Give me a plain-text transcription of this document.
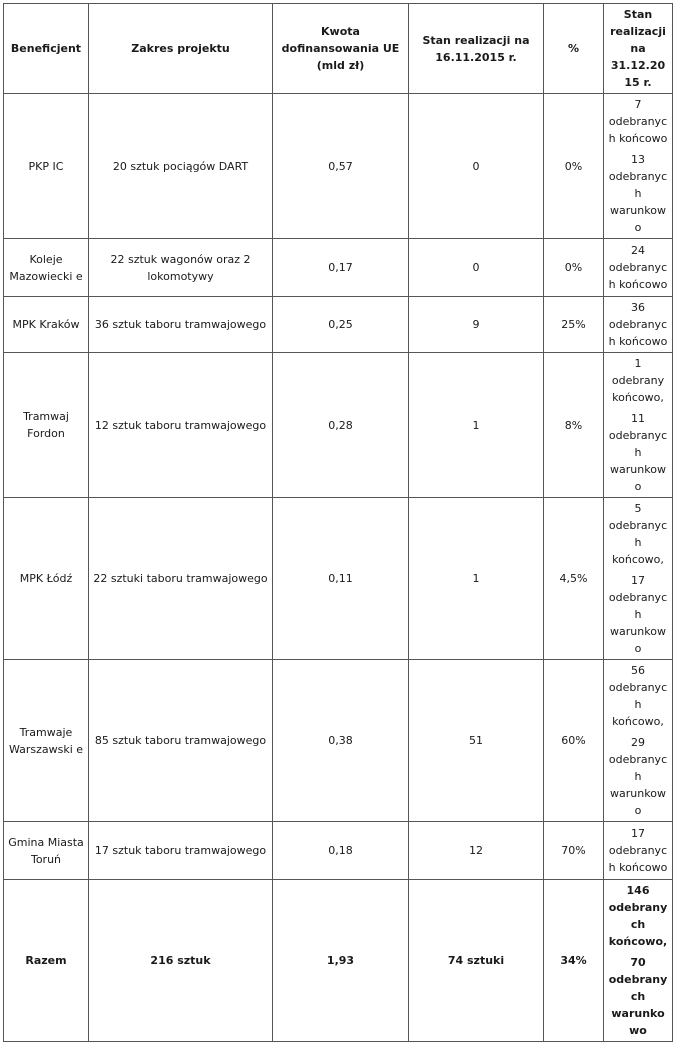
Beneficjent	Zakres projektu	Kwota dofinansowania UE (mld zł)	Stan realizacji na 16.11.2015 r.	%	Stan realizacji na 31.12.2015 r.
PKP IC	20 sztuk pociągów DART	0,57	0	0%	7 odebranych końcowo
13 odebranych warunkowo

Koleje Mazowiecki e	22 sztuk wagonów oraz 2 lokomotywy	0,17	0	0%	24 odebranych końcowo

MPK Kraków	36 sztuk taboru tramwajowego	0,25	9	25%	36 odebranych końcowo

Tramwaj Fordon	12 sztuk taboru tramwajowego	0,28	1	8%	1 odebrany końcowo,
11 odebranych warunkowo

MPK Łódź	22 sztuki taboru tramwajowego	0,11	1	4,5%	5 odebranych końcowo,
17 odebranych warunkowo

Tramwaje Warszawski e	85 sztuk taboru tramwajowego	0,38	51	60%	56 odebranych końcowo,
29 odebranych warunkowo

Gmina Miasta Toruń	17 sztuk taboru tramwajowego	0,18	12	70%	17 odebranych końcowo

Razem	216 sztuk	1,93	74 sztuki	34%	146 odebranych końcowo,
70 odebranych warunkowo
